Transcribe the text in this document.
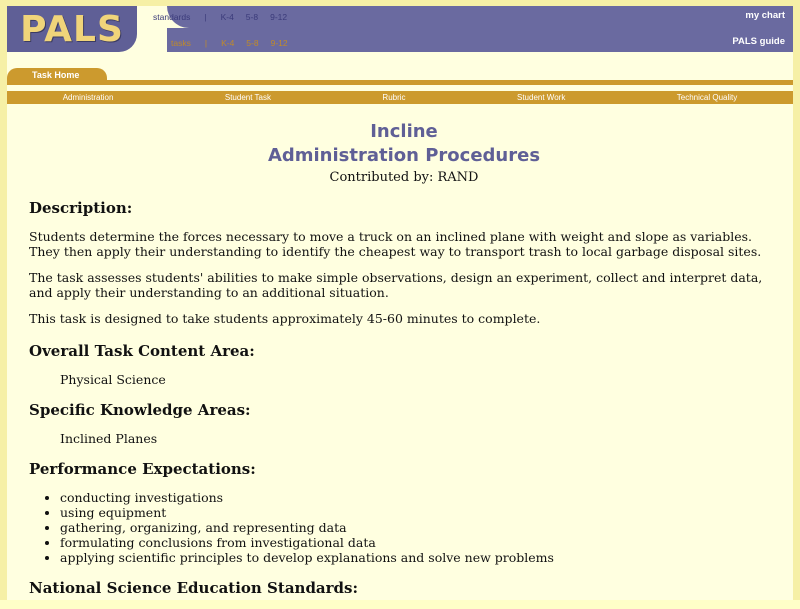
PALS	standards	|	K-4	5-8	9-12
tasks	|	K-4	5-8	9-12
my chart
PALS guide
Task Home
Administration	Student Task	Rubric	Student Work	Technical Quality
Incline
Administration Procedures
Contributed by: RAND
Description:

Students determine the forces necessary to move a truck on an inclined plane with weight and slope as variables. They then apply their understanding to identify the cheapest way to transport trash to local garbage disposal sites.

The task assesses students' abilities to make simple observations, design an experiment, collect and interpret data, and apply their understanding to an additional situation.

This task is designed to take students approximately 45-60 minutes to complete.

Overall Task Content Area:
Physical Science
Specific Knowledge Areas:
Inclined Planes
Performance Expectations:
• conducting investigations
• using equipment
• gathering, organizing, and representing data
• formulating conclusions from investigational data
• applying scientific principles to develop explanations and solve new problems
National Science Education Standards:
